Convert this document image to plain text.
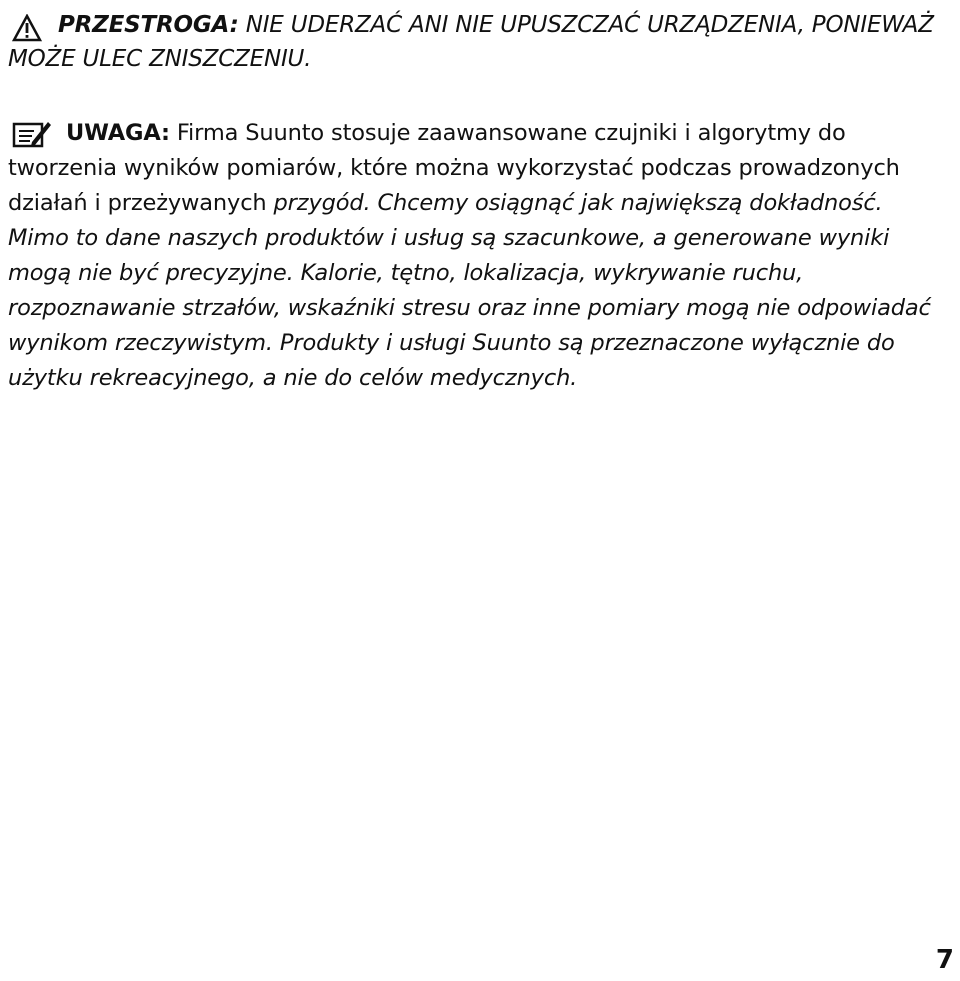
PRZESTROGA: NIE UDERZAĆ ANI NIE UPUSZCZAĆ URZĄDZENIA, PONIEWAŻ MOŻE ULEC ZNISZCZENIU.

UWAGA: Firma Suunto stosuje zaawansowane czujniki i algorytmy do tworzenia wyników pomiarów, które można wykorzystać podczas prowadzonych działań i przeżywanych przygód. Chcemy osiągnąć jak największą dokładność. Mimo to dane naszych produktów i usług są szacunkowe, a generowane wyniki mogą nie być precyzyjne. Kalorie, tętno, lokalizacja, wykrywanie ruchu, rozpoznawanie strzałów, wskaźniki stresu oraz inne pomiary mogą nie odpowiadać wynikom rzeczywistym. Produkty i usługi Suunto są przeznaczone wyłącznie do użytku rekreacyjnego, a nie do celów medycznych.

7
